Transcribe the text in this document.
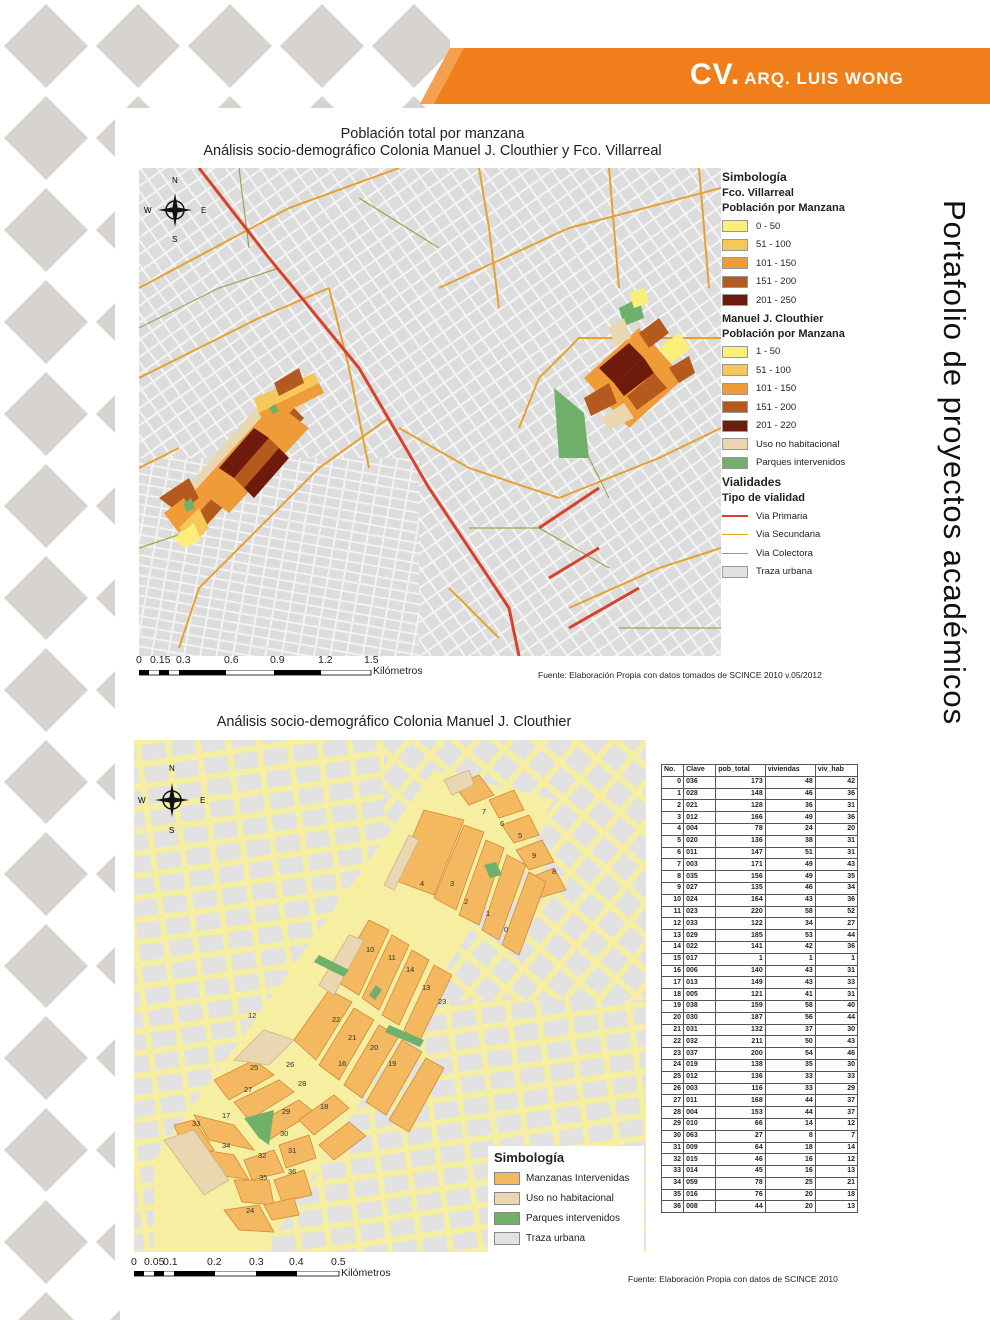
CV. ARQ. LUIS WONG
Portafolio de proyectos académicos
Población total por manzana
Análisis socio-demográfico Colonia Manuel J. Clouthier y Fco. Villarreal
N
S
W	E
Simbología
Fco. Villarreal
Población por Manzana
0 - 50
51 - 100
101 - 150
151 - 200
201 - 250
Manuel J. Clouthier
Población por Manzana
1 - 50
51 - 100
101 - 150
151 - 200
201 - 220
Uso no habitacional
Parques intervenidos
Vialidades
Tipo de vialidad
Via Primaria
Via Secundaria
Via Colectora
Traza urbana
0 0.15 0.3	0.6	0.9	1.2	1.5
Kilómetros	Fuente: Elaboración Propia con datos tomados de SCINCE 2010 v.05/2012
Análisis socio-demográfico Colonia Manuel J. Clouthier
N
S
W	E
0
1
2
3
4
5
6
7
8
9
10
11
12
13
14
16
17
18
19
20
21
22
23
24
25	26
27
28
29
30
31
32
33
34
35
36
Simbología
Manzanas Intervenidas
Uso no habitacional
Parques intervenidos
Traza urbana
No.	Clave	pob_total	viviendas	viv_hab
0	036	173	48	42
1	028	148	46	36
2	021	128	36	31
3	012	166	49	36
4	004	78	24	20
5	020	136	38	31
6	011	147	51	31
7	003	171	49	43
8	035	156	49	35
9	027	135	46	34
10	024	164	43	36
11	023	220	58	52
12	033	122	34	27
13	029	185	53	44
14	022	141	42	36
15	017	1	1	1
16	006	140	43	31
17	013	149	43	33
18	005	121	41	31
19	038	159	58	40
20	030	187	56	44
21	031	132	37	30
22	032	211	50	43
23	037	200	54	46
24	019	138	35	30
25	012	136	33	33
26	003	116	33	29
27	011	168	44	37
28	004	153	44	37
29	010	66	14	12
30	063	27	8	7
31	009	64	18	14
32	015	46	16	12
33	014	45	16	13
34	059	78	25	21
35	016	76	20	18
36	008	44	20	13
0 0.05
0.1	0.2	0.3 0.4	0.5
Kilómetros	Fuente: Elaboración Propia con datos de SCINCE 2010
